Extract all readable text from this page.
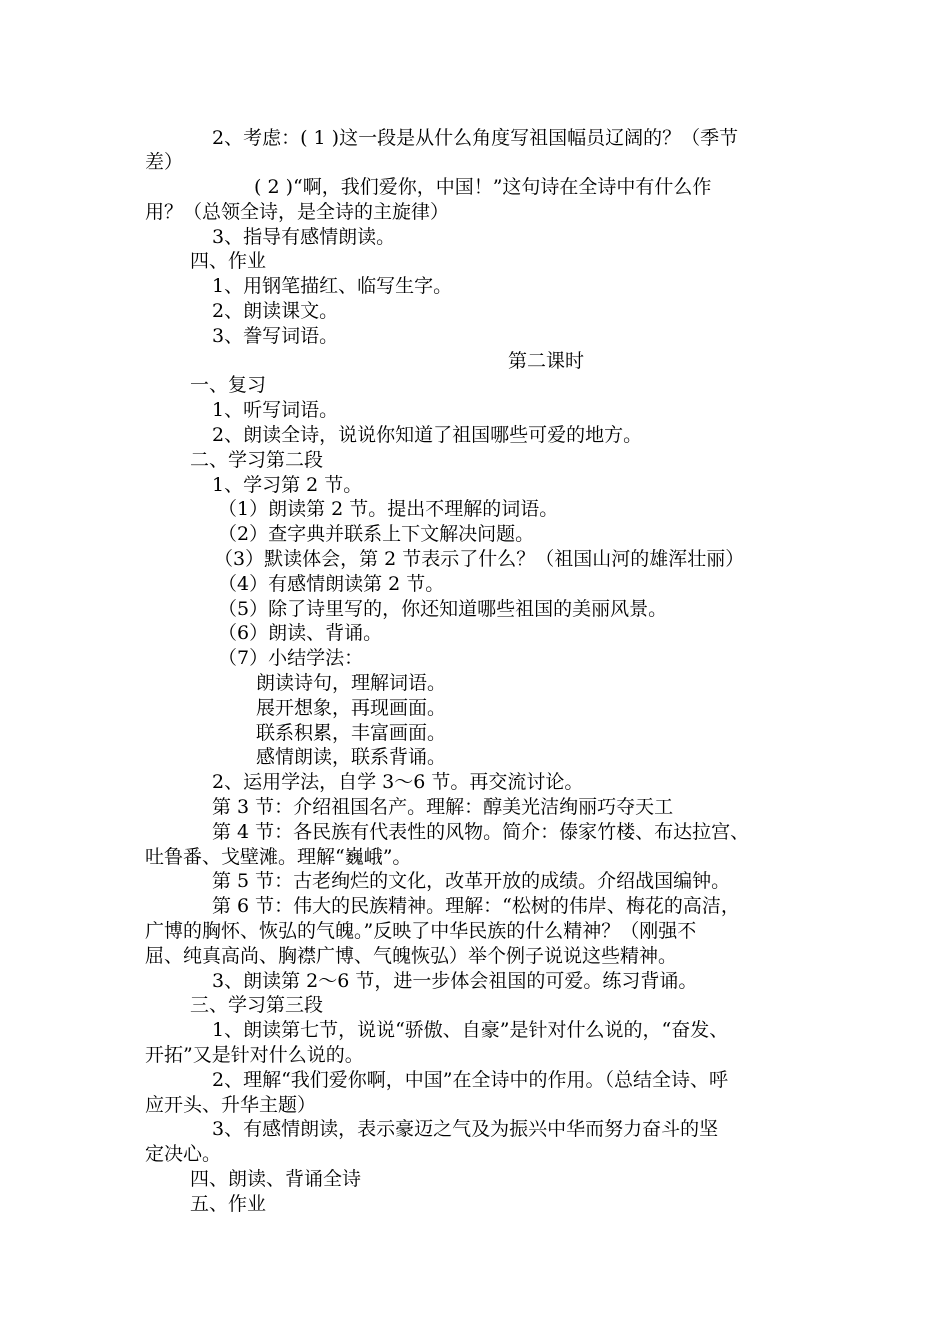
2、考虑：( 1 )这一段是从什么角度写祖国幅员辽阔的？（季节
差）
( 2 )“啊，我们爱你，中国！”这句诗在全诗中有什么作
用？（总领全诗，是全诗的主旋律）
3、指导有感情朗读。
四、作业
1、用钢笔描红、临写生字。
2、朗读课文。
3、誊写词语。
第二课时
一、复习
1、听写词语。
2、朗读全诗，说说你知道了祖国哪些可爱的地方。
二、学习第二段
1、学习第 2 节。
（1）朗读第 2 节。提出不理解的词语。
（2）查字典并联系上下文解决问题。
（3）默读体会，第 2 节表示了什么？（祖国山河的雄浑壮丽）
（4）有感情朗读第 2 节。
（5）除了诗里写的，你还知道哪些祖国的美丽风景。
（6）朗读、背诵。
（7）小结学法：
朗读诗句，理解词语。
展开想象，再现画面。
联系积累，丰富画面。
感情朗读，联系背诵。
2、运用学法，自学 3～6 节。再交流讨论。
第 3 节：介绍祖国名产。理解：醇美光洁绚丽巧夺天工
第 4 节：各民族有代表性的风物。简介：傣家竹楼、布达拉宫、
吐鲁番、戈壁滩。理解“巍峨”。
第 5 节：古老绚烂的文化，改革开放的成绩。介绍战国编钟。
第 6 节：伟大的民族精神。理解：“松树的伟岸、梅花的高洁，
广博的胸怀、恢弘的气魄。”反映了中华民族的什么精神？（刚强不
屈、纯真高尚、胸襟广博、气魄恢弘）举个例子说说这些精神。
3、朗读第 2～6 节，进一步体会祖国的可爱。练习背诵。
三、学习第三段
1、朗读第七节，说说“骄傲、自豪”是针对什么说的，“奋发、
开拓”又是针对什么说的。
2、理解“我们爱你啊，中国”在全诗中的作用。（总结全诗、呼
应开头、升华主题）
3、有感情朗读，表示豪迈之气及为振兴中华而努力奋斗的坚
定决心。
四、朗读、背诵全诗
五、作业
